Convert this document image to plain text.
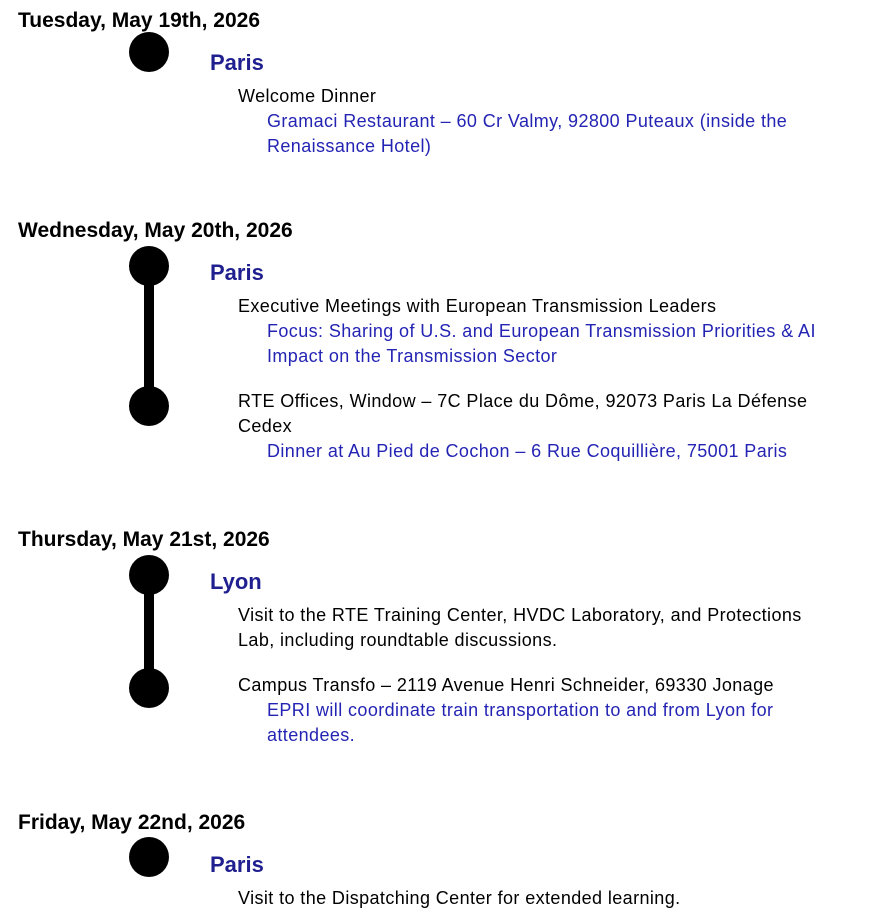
Tuesday, May 19th, 2026
Paris

Welcome Dinner

Gramaci Restaurant – 60 Cr Valmy, 92800 Puteaux (inside the Renaissance Hotel)

Wednesday, May 20th, 2026
Paris

Executive Meetings with European Transmission Leaders

Focus: Sharing of U.S. and European Transmission Priorities & AI Impact on the Transmission Sector

RTE Offices, Window – 7C Place du Dôme, 92073 Paris La Défense Cedex

Dinner at Au Pied de Cochon – 6 Rue Coquillière, 75001 Paris

Thursday, May 21st, 2026
Lyon

Visit to the RTE Training Center, HVDC Laboratory, and Protections Lab, including roundtable discussions.

Campus Transfo – 2119 Avenue Henri Schneider, 69330 Jonage

EPRI will coordinate train transportation to and from Lyon for attendees.

Friday, May 22nd, 2026
Paris

Visit to the Dispatching Center for extended learning.
